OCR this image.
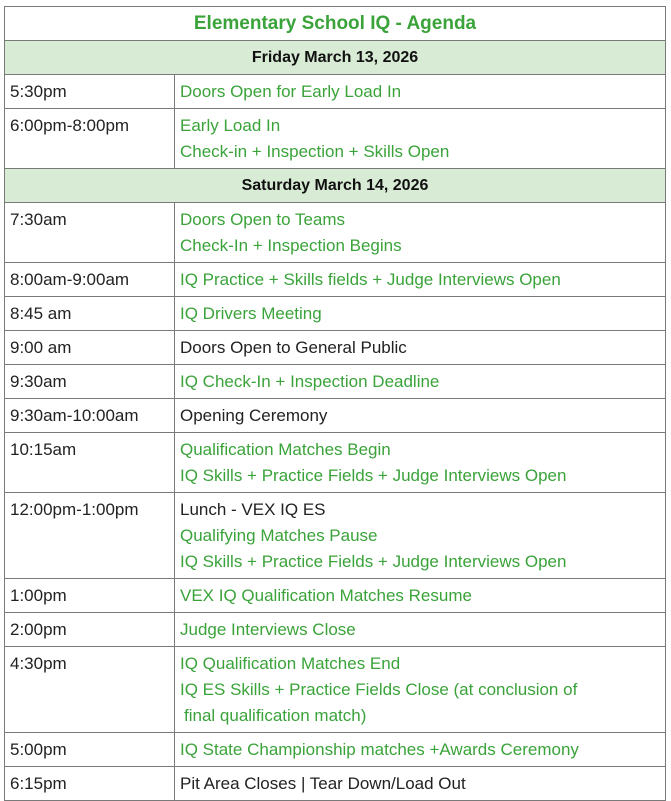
Elementary School IQ - Agenda	
Friday March 13, 2026	
5:30pm	Doors Open for Early Load In

6:00pm-8:00pm	Early Load In
Check-in + Inspection + Skills Open

Saturday March 14, 2026	
7:30am	Doors Open to Teams
Check-In + Inspection Begins

8:00am-9:00am	IQ Practice + Skills fields + Judge Interviews Open

8:45 am	IQ Drivers Meeting

9:00 am	Doors Open to General Public

9:30am	IQ Check-In + Inspection Deadline

9:30am-10:00am	Opening Ceremony

10:15am	Qualification Matches Begin
IQ Skills + Practice Fields + Judge Interviews Open

12:00pm-1:00pm	Lunch - VEX IQ ES
Qualifying Matches Pause
IQ Skills + Practice Fields + Judge Interviews Open

1:00pm	VEX IQ Qualification Matches Resume

2:00pm	Judge Interviews Close

4:30pm	IQ Qualification Matches End
IQ ES Skills + Practice Fields Close (at conclusion of
final qualification match)

5:00pm	IQ State Championship matches +Awards Ceremony

6:15pm	Pit Area Closes | Tear Down/Load Out
